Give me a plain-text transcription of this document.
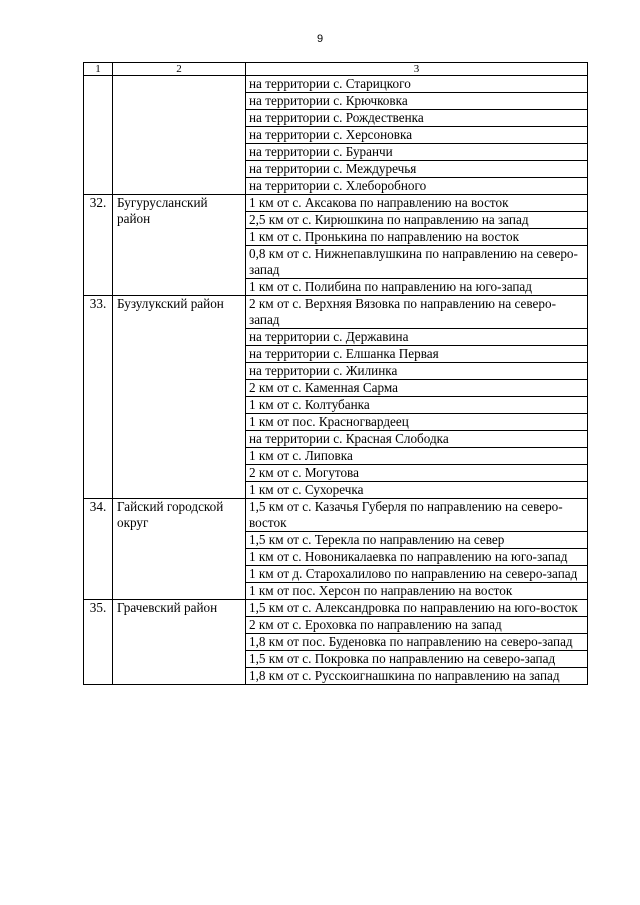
9
1	2	3
		на территории с. Старицкого
		на территории с. Крючковка
		на территории с. Рождественка
		на территории с. Херсоновка
		на территории с. Буранчи
		на территории с. Междуречья
		на территории с. Хлеборобного
32.	Бугурусланский район	1 км от с. Аксакова по направлению на восток
		2,5 км от с. Кирюшкина по направлению на запад
		1 км от с. Пронькина по направлению на восток
		0,8 км от с. Нижнепавлушкина по направлению на северо-запад
		1 км от с. Полибина по направлению на юго-запад
33.	Бузулукский район	2 км от с. Верхняя Вязовка по направлению на северо-запад
		на территории с. Державина
		на территории с. Елшанка Первая
		на территории с. Жилинка
		2 км от с. Каменная Сарма
		1 км от с. Колтубанка
		1 км от пос. Красногвардеец
		на территории с. Красная Слободка
		1 км от с. Липовка
		2 км от с. Могутова
		1 км от с. Сухоречка
34.	Гайский городской округ	1,5 км от с. Казачья Губерля по направлению на северо-восток
		1,5 км от с. Терекла по направлению на север
		1 км от с. Новоникалаевка по направлению на юго-запад
		1 км от д. Старохалилово по направлению на северо-запад
		1 км от пос. Херсон по направлению на восток
35.	Грачевский район	1,5 км от с. Александровка по направлению на юго-восток
		2 км от с. Ероховка по направлению на запад
		1,8 км от пос. Буденовка по направлению на северо-запад
		1,5 км от с. Покровка по направлению на северо-запад
		1,8 км от с. Русскоигнашкина по направлению на запад
